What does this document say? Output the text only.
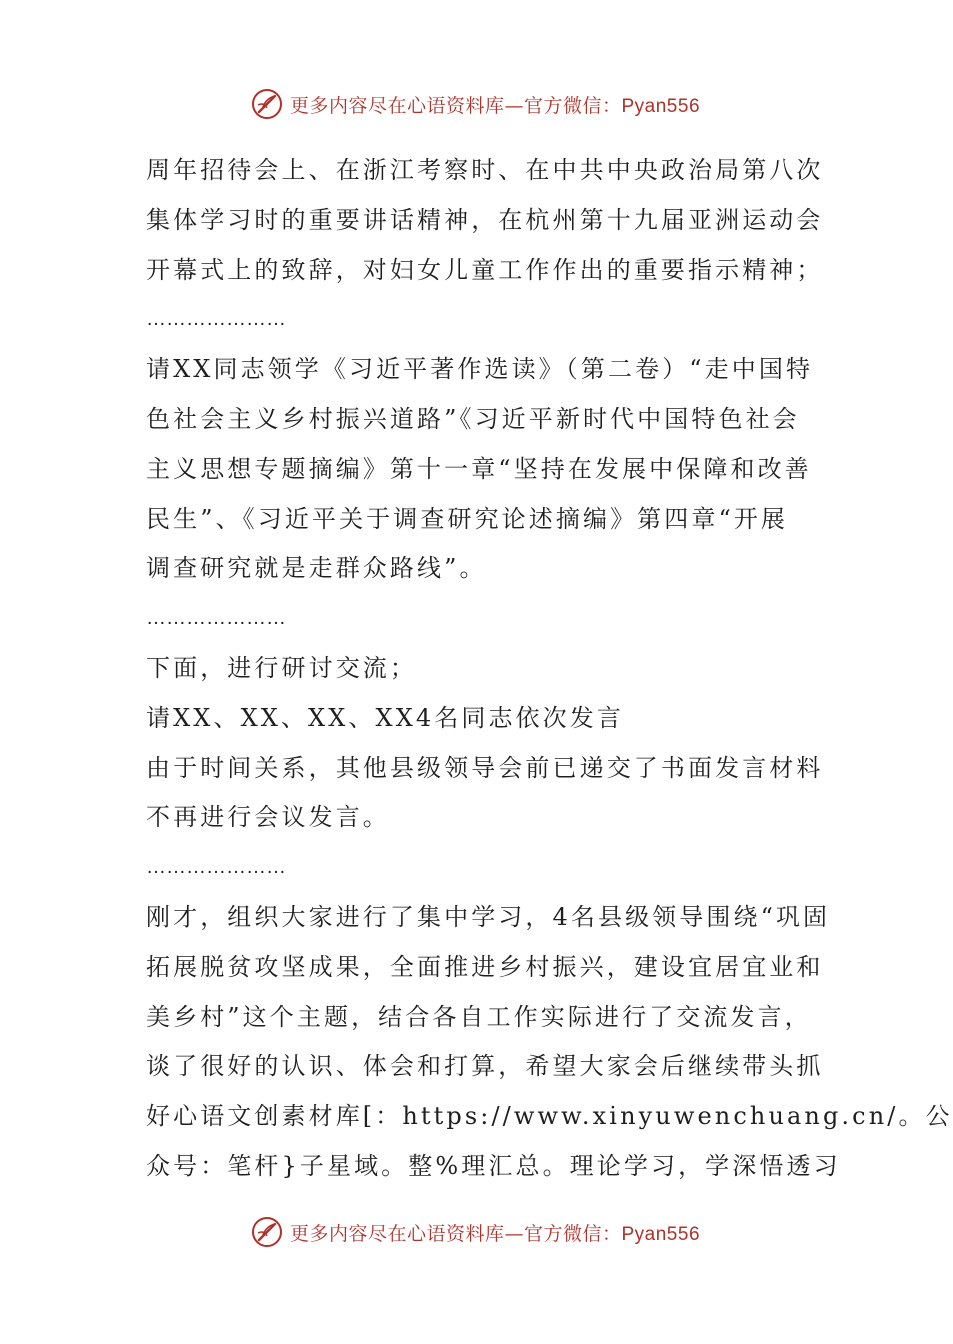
更多内容尽在心语资料库—官方微信：Pyan556
周年招待会上、在浙江考察时、在中共中央政治局第八次
集体学习时的重要讲话精神，在杭州第十九届亚洲运动会
开幕式上的致辞，对妇女儿童工作作出的重要指示精神；
…………………
请XX同志领学《习近平著作选读》（第二卷）“走中国特
色社会主义乡村振兴道路”《习近平新时代中国特色社会
主义思想专题摘编》第十一章“坚持在发展中保障和改善
民生”、《习近平关于调查研究论述摘编》第四章“开展
调查研究就是走群众路线”。
…………………
下面，进行研讨交流；
请XX、XX、XX、XX4名同志依次发言
由于时间关系，其他县级领导会前已递交了书面发言材料
不再进行会议发言。
…………………
刚才，组织大家进行了集中学习，4名县级领导围绕“巩固
拓展脱贫攻坚成果，全面推进乡村振兴，建设宜居宜业和
美乡村”这个主题，结合各自工作实际进行了交流发言，
谈了很好的认识、体会和打算，希望大家会后继续带头抓
好心语文创素材库[：https://www.xinyuwenchuang.cn/。公
众号：笔杆}子星域。整%理汇总。理论学习，学深悟透习
更多内容尽在心语资料库—官方微信：Pyan556
